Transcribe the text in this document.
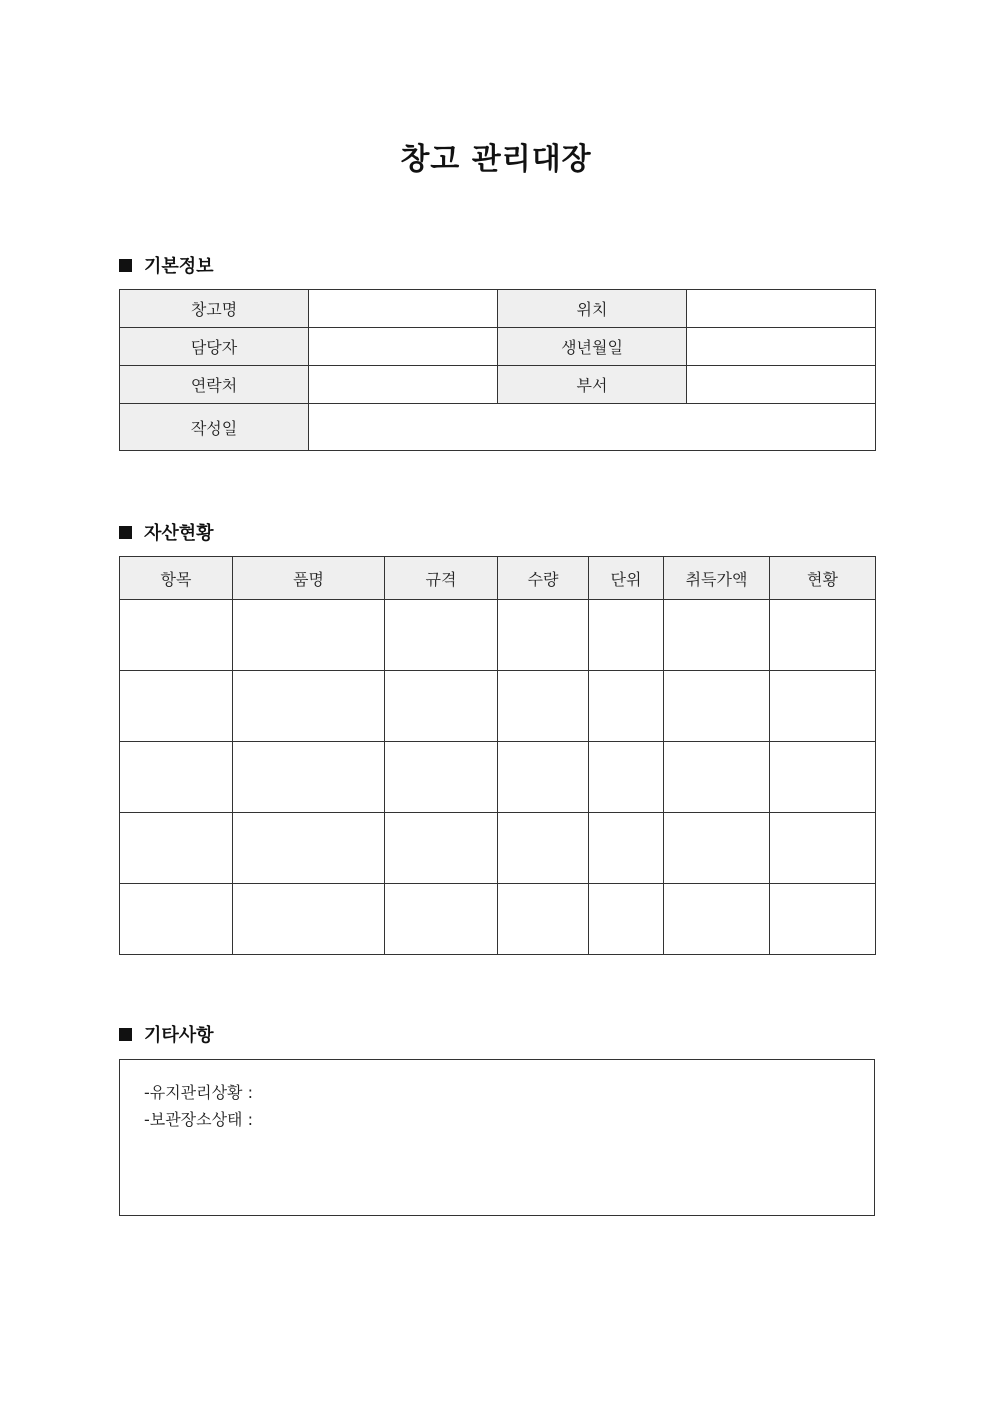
창고 관리대장
기본정보
창고명		위치	
담당자		생년월일	
연락처		부서	
작성일			
자산현황
항목	품명	규격	수량	단위	취득가액	현황

기타사항
-유지관리상황 :
-보관장소상태 :
